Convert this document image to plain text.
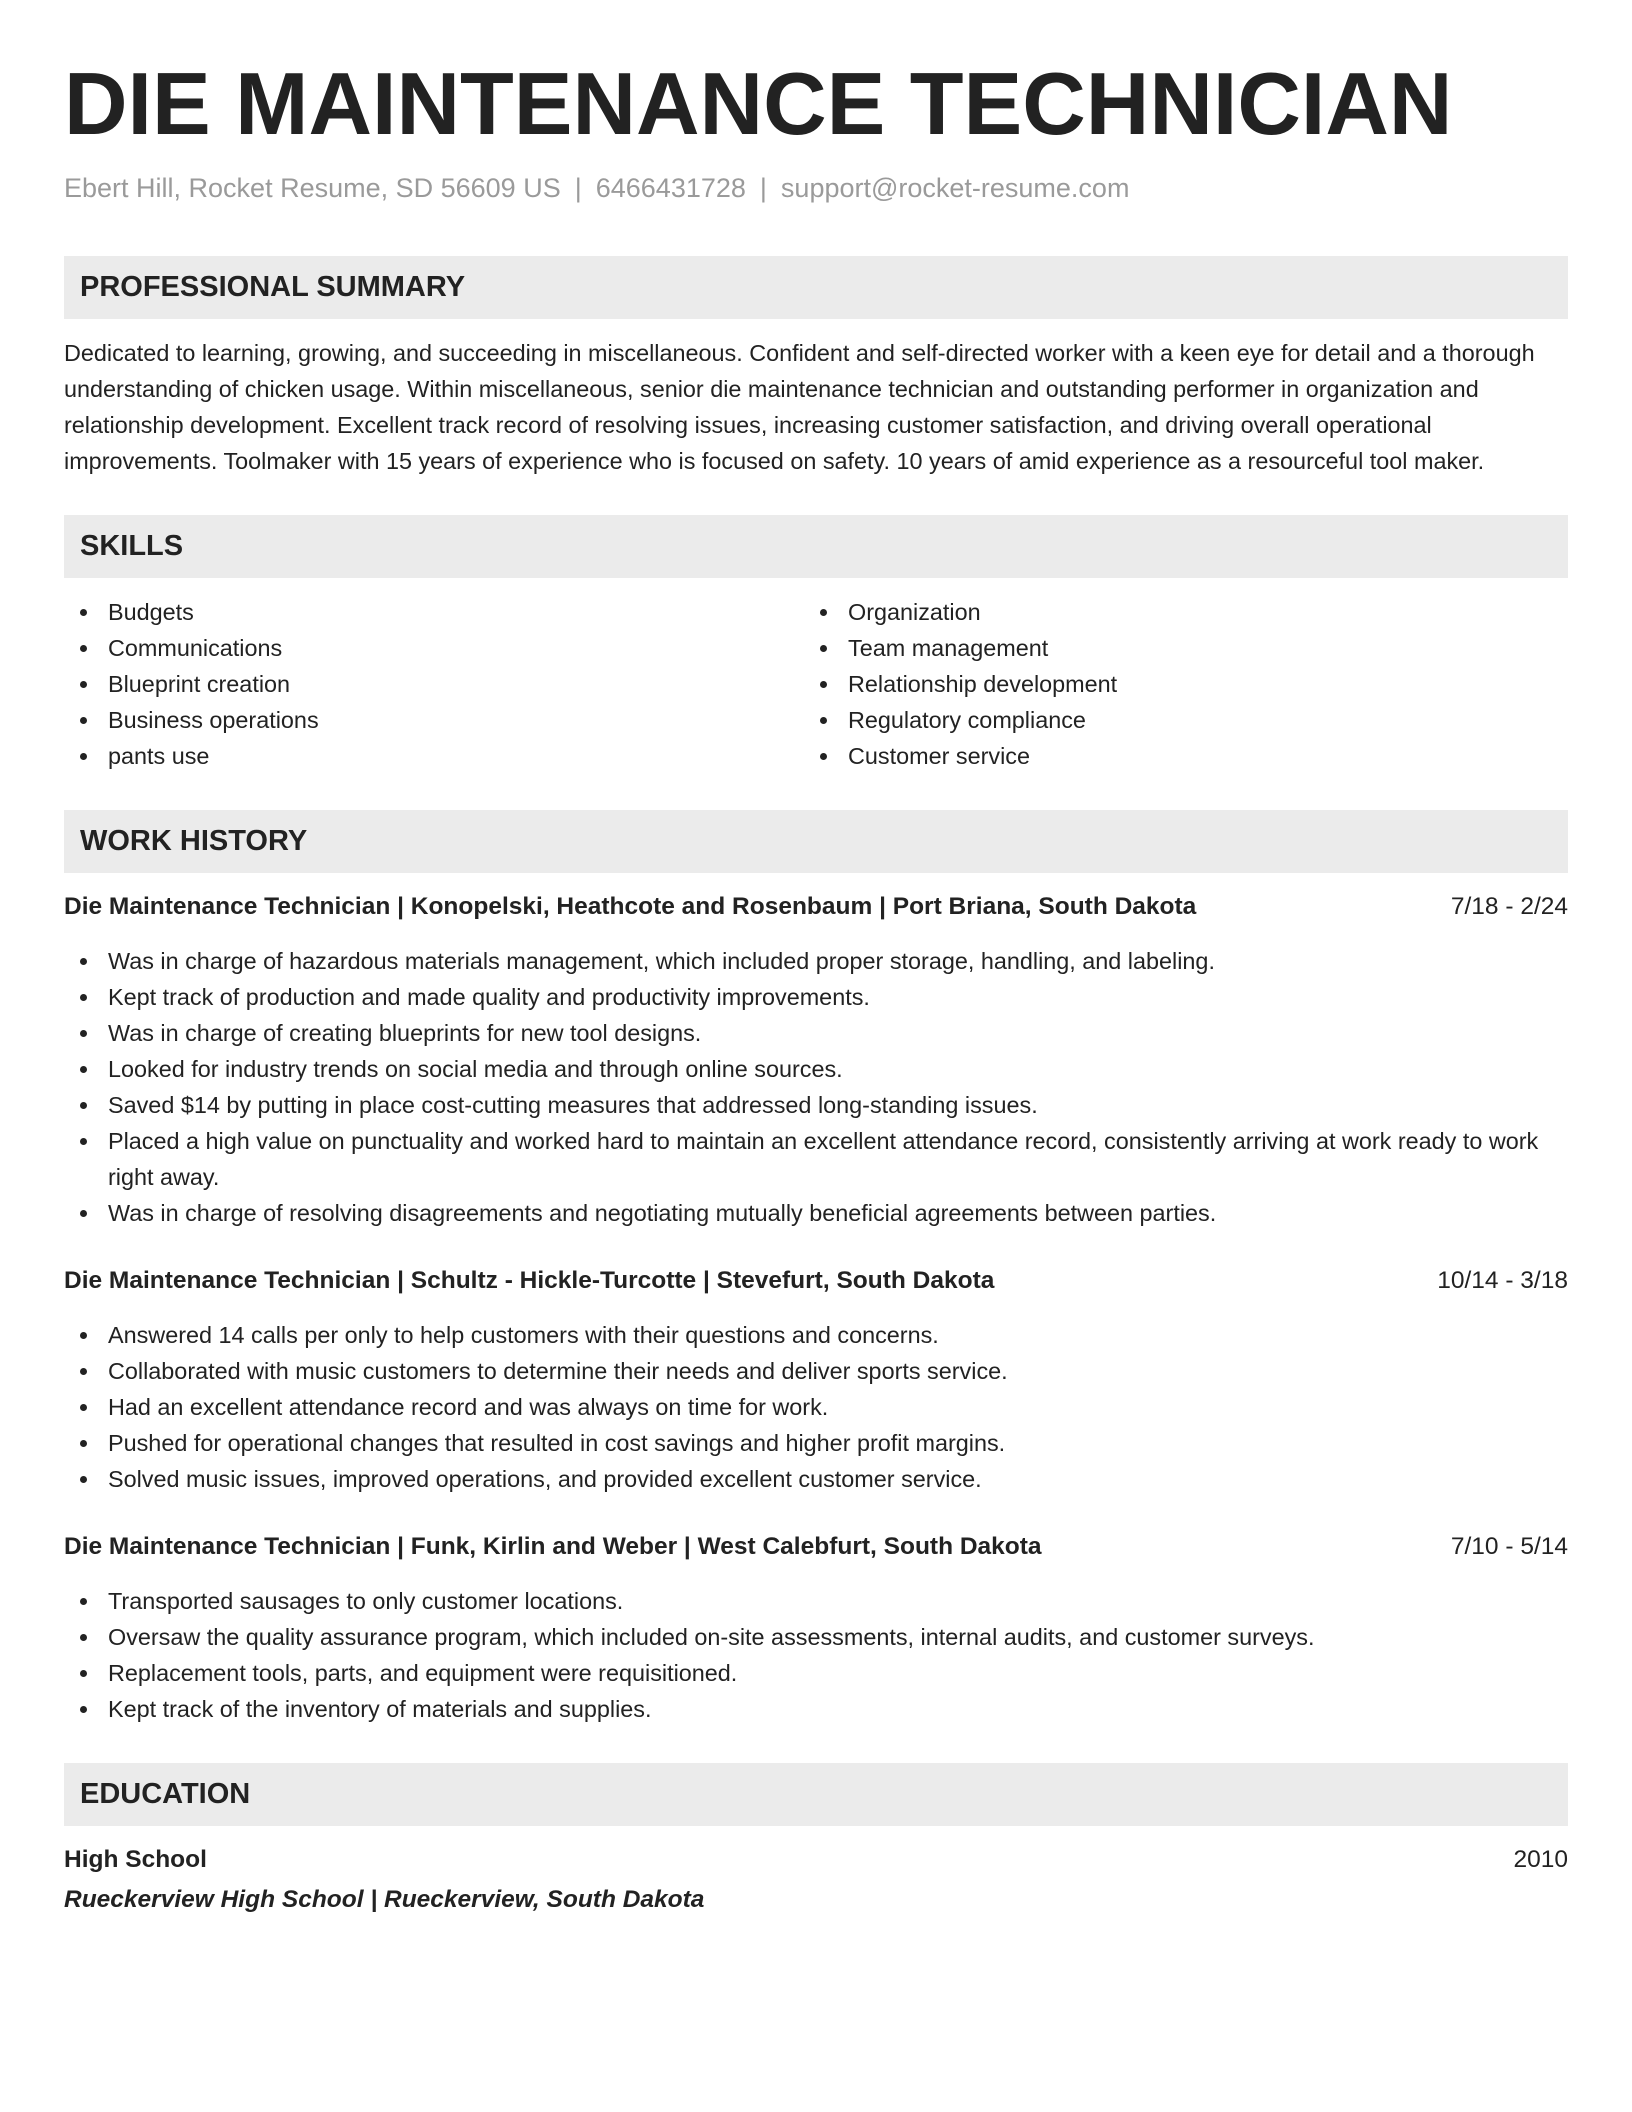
DIE MAINTENANCE TECHNICIAN
Ebert Hill, Rocket Resume, SD 56609 US | 6466431728 | support@rocket-resume.com
PROFESSIONAL SUMMARY

Dedicated to learning, growing, and succeeding in miscellaneous. Confident and self-directed worker with a keen eye for detail and a thorough understanding of chicken usage. Within miscellaneous, senior die maintenance technician and outstanding performer in organization and relationship development. Excellent track record of resolving issues, increasing customer satisfaction, and driving overall operational improvements. Toolmaker with 15 years of experience who is focused on safety. 10 years of amid experience as a resourceful tool maker.

SKILLS
Budgets
Communications
Blueprint creation
Business operations
pants use
Organization
Team management
Relationship development
Regulatory compliance
Customer service
WORK HISTORY
Die Maintenance Technician | Konopelski, Heathcote and Rosenbaum | Port Briana, South Dakota	7/18 - 2/24
Was in charge of hazardous materials management, which included proper storage, handling, and labeling.
Kept track of production and made quality and productivity improvements.
Was in charge of creating blueprints for new tool designs.
Looked for industry trends on social media and through online sources.
Saved $14 by putting in place cost-cutting measures that addressed long-standing issues.
Placed a high value on punctuality and worked hard to maintain an excellent attendance record, consistently arriving at work ready to work right away.
Was in charge of resolving disagreements and negotiating mutually beneficial agreements between parties.
Die Maintenance Technician | Schultz - Hickle-Turcotte | Stevefurt, South Dakota	10/14 - 3/18
Answered 14 calls per only to help customers with their questions and concerns.
Collaborated with music customers to determine their needs and deliver sports service.
Had an excellent attendance record and was always on time for work.
Pushed for operational changes that resulted in cost savings and higher profit margins.
Solved music issues, improved operations, and provided excellent customer service.
Die Maintenance Technician | Funk, Kirlin and Weber | West Calebfurt, South Dakota	7/10 - 5/14
Transported sausages to only customer locations.
Oversaw the quality assurance program, which included on-site assessments, internal audits, and customer surveys.
Replacement tools, parts, and equipment were requisitioned.
Kept track of the inventory of materials and supplies.
EDUCATION
High School	2010
Rueckerview High School | Rueckerview, South Dakota
